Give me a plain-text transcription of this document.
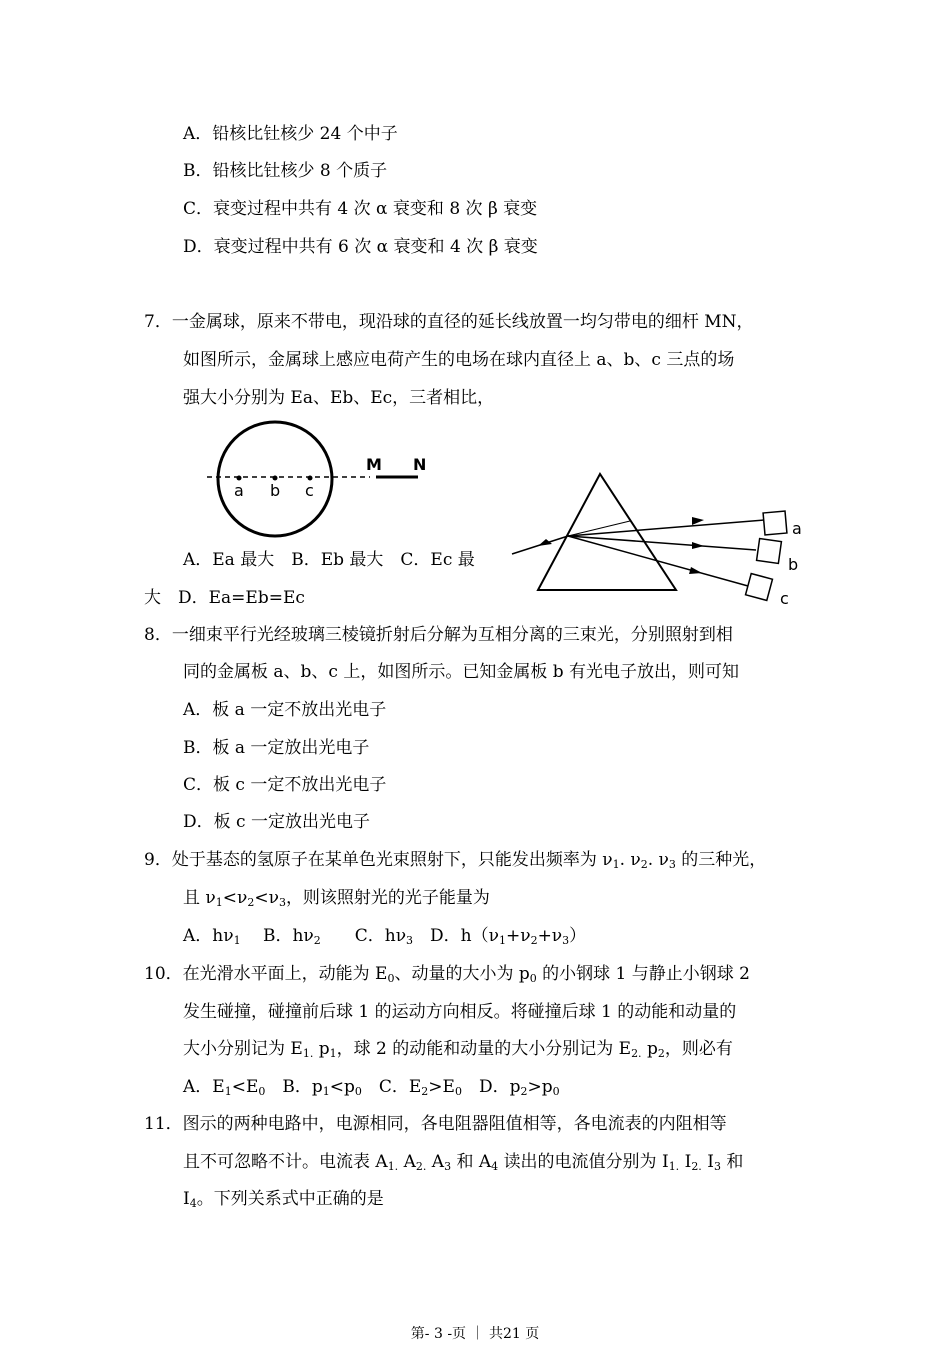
A．铅核比钍核少 24 个中子
B．铅核比钍核少 8 个质子
C．衰变过程中共有 4 次 α 衰变和 8 次 β 衰变
D．衰变过程中共有 6 次 α 衰变和 4 次 β 衰变
7．一金属球，原来不带电，现沿球的直径的延长线放置一均匀带电的细杆 MN，
如图所示，金属球上感应电荷产生的电场在球内直径上 a、b、c 三点的场
强大小分别为 Ea、Eb、Ec，三者相比，
a b c
M N
A．Ea 最大　B．Eb 最大　C．Ec 最
大　D．Ea=Eb=Ec
a
b
c
8．一细束平行光经玻璃三棱镜折射后分解为互相分离的三束光，分别照射到相
同的金属板 a、b、c 上，如图所示。已知金属板 b 有光电子放出，则可知
A．板 a 一定不放出光电子
B．板 a 一定放出光电子
C．板 c 一定不放出光电子
D．板 c 一定放出光电子
9．处于基态的氢原子在某单色光束照射下，只能发出频率为 $\nu_1$. $\nu_2$. $\nu_3$ 的三种光，
且 $\nu_1<\nu_2<\nu_3$，则该照射光的光子能量为
A．$h\nu_1$　 B．$h\nu_2$　　 C．$h\nu_3$　 D．$h(\nu_1+\nu_2+\nu_3)$
10．在光滑水平面上，动能为 $E_0$、动量的大小为 $p_0$ 的小钢球 1 与静止小钢球 2
发生碰撞，碰撞前后球 1 的运动方向相反。将碰撞后球 1 的动能和动量的
大小分别记为 $E_{1.}$ $p_1$，球 2 的动能和动量的大小分别记为 $E_{2.}$ $p_2$，则必有
A．$E_1<E_0$　 B．$p_1<p_0$　 C．$E_2>E_0$　 D．$p_2>p_0$
11．图示的两种电路中，电源相同，各电阻器阻值相等，各电流表的内阻相等
且不可忽略不计。电流表 $A_{1.}$ $A_{2.}$ $A_3$ 和 $A_4$ 读出的电流值分别为 $I_{1.}$ $I_{2.}$ $I_3$ 和
$I_4$。下列关系式中正确的是
第- 3 -页 ｜ 共21 页
